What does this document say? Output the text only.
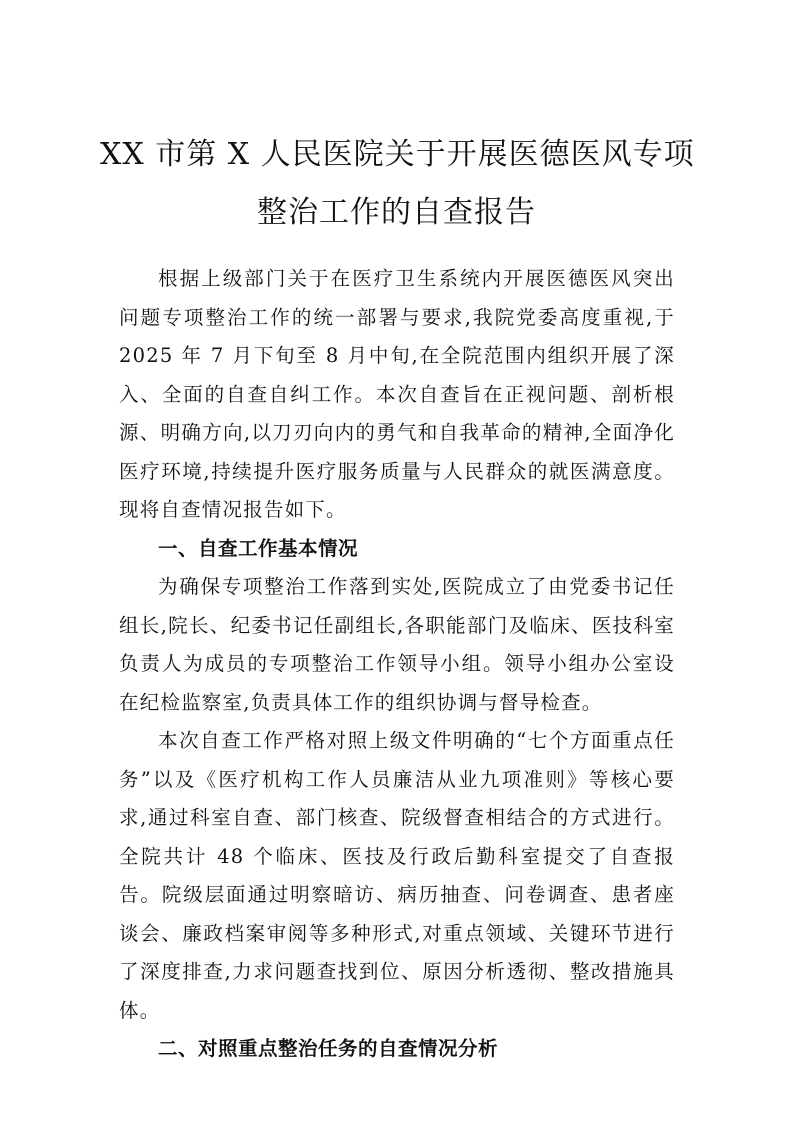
XX 市第 X 人民医院关于开展医德医风专项
整治工作的自查报告

根据上级部门关于在医疗卫生系统内开展医德医风突出问题专项整治工作的统一部署与要求,我院党委高度重视,于 2025 年 7 月下旬至 8 月中旬,在全院范围内组织开展了深入、全面的自查自纠工作。本次自查旨在正视问题、剖析根源、明确方向,以刀刃向内的勇气和自我革命的精神,全面净化医疗环境,持续提升医疗服务质量与人民群众的就医满意度。现将自查情况报告如下。

一、自查工作基本情况

为确保专项整治工作落到实处,医院成立了由党委书记任组长,院长、纪委书记任副组长,各职能部门及临床、医技科室负责人为成员的专项整治工作领导小组。领导小组办公室设在纪检监察室,负责具体工作的组织协调与督导检查。

本次自查工作严格对照上级文件明确的“七个方面重点任务”以及《医疗机构工作人员廉洁从业九项准则》等核心要求,通过科室自查、部门核查、院级督查相结合的方式进行。全院共计 48 个临床、医技及行政后勤科室提交了自查报告。院级层面通过明察暗访、病历抽查、问卷调查、患者座谈会、廉政档案审阅等多种形式,对重点领域、关键环节进行了深度排查,力求问题查找到位、原因分析透彻、整改措施具体。

二、对照重点整治任务的自查情况分析
